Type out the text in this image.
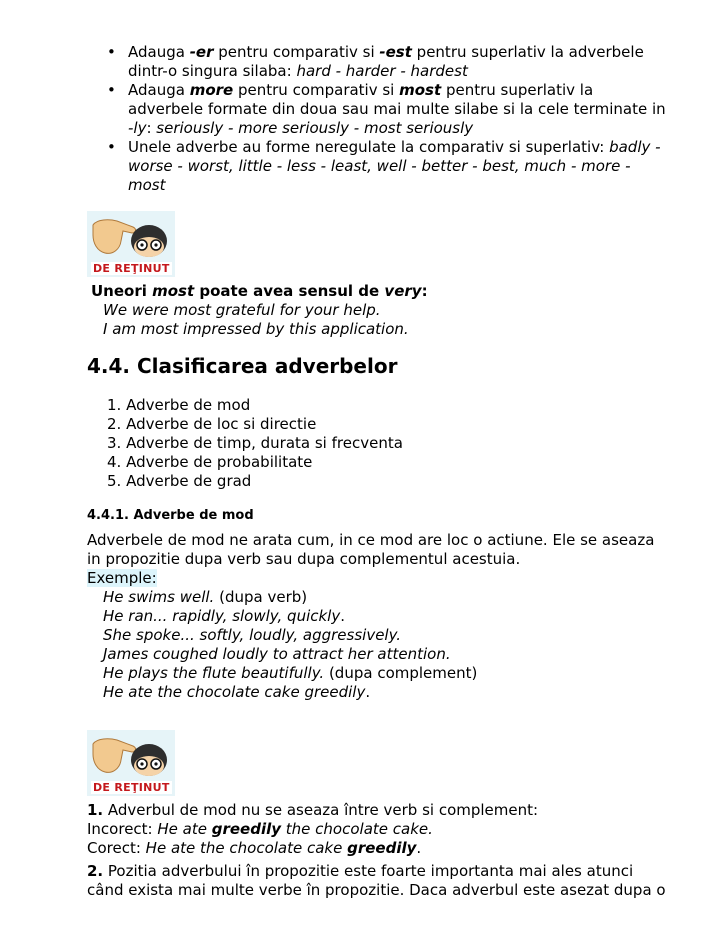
• Adauga -er pentru comparativ si -est pentru superlativ la adverbele
dintr-o singura silaba: hard - harder - hardest
• Adauga more pentru comparativ si most pentru superlativ la
adverbele formate din doua sau mai multe silabe si la cele terminate in
-ly: seriously - more seriously - most seriously
• Unele adverbe au forme neregulate la comparativ si superlativ: badly -
worse - worst, little - less - least, well - better - best, much - more -
most
DE REŢINUT
Uneori most poate avea sensul de very:
We were most grateful for your help.
I am most impressed by this application.
4.4. Clasificarea adverbelor
1. Adverbe de mod
2. Adverbe de loc si directie
3. Adverbe de timp, durata si frecventa
4. Adverbe de probabilitate
5. Adverbe de grad
4.4.1. Adverbe de mod
Adverbele de mod ne arata cum, in ce mod are loc o actiune. Ele se aseaza
in propozitie dupa verb sau dupa complementul acestuia.
Exemple:
He swims well. (dupa verb)
He ran... rapidly, slowly, quickly.
She spoke... softly, loudly, aggressively.
James coughed loudly to attract her attention.
He plays the flute beautifully. (dupa complement)
He ate the chocolate cake greedily.
DE REŢINUT
1. Adverbul de mod nu se aseaza între verb si complement:
Incorect: He ate greedily the chocolate cake.
Corect: He ate the chocolate cake greedily.
2. Pozitia adverbului în propozitie este foarte importanta mai ales atunci
când exista mai multe verbe în propozitie. Daca adverbul este asezat dupa o
